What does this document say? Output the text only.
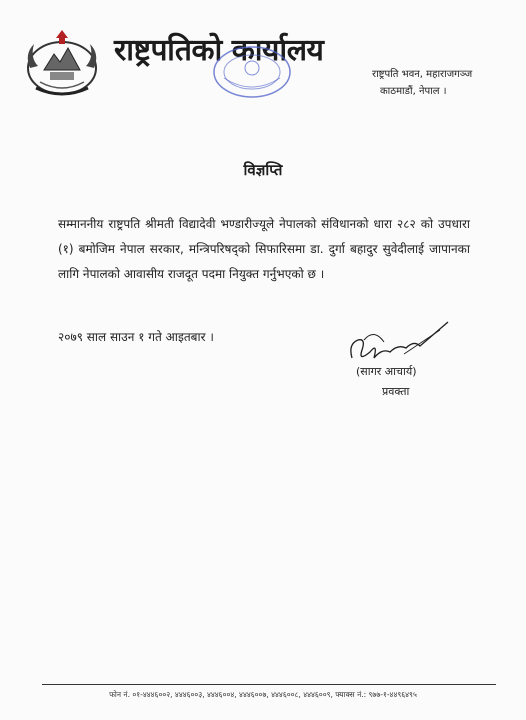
राष्ट्रपतिको कार्यालय
राष्ट्रपति भवन, महाराजगञ्ज
काठमाडौं, नेपाल ।
विज्ञप्ति
सम्माननीय राष्ट्रपति श्रीमती विद्यादेवी भण्डारीज्यूले नेपालको संविधानको धारा २८२ को उपधारा (१) बमोजिम नेपाल सरकार, मन्त्रिपरिषद्को सिफारिसमा डा. दुर्गा बहादुर सुवेदीलाई जापानका लागि नेपालको आवासीय राजदूत पदमा नियुक्त गर्नुभएको छ ।
२०७९ साल साउन १ गते आइतबार ।
(सागर आचार्य)
प्रवक्ता
फोन नं. ०१-४४४६००२, ४४४६००३, ४४४६००४, ४४४६००७, ४४४६००८, ४४४६००९, फ्याक्स नं.: ९७७-१-४४९६४९५
